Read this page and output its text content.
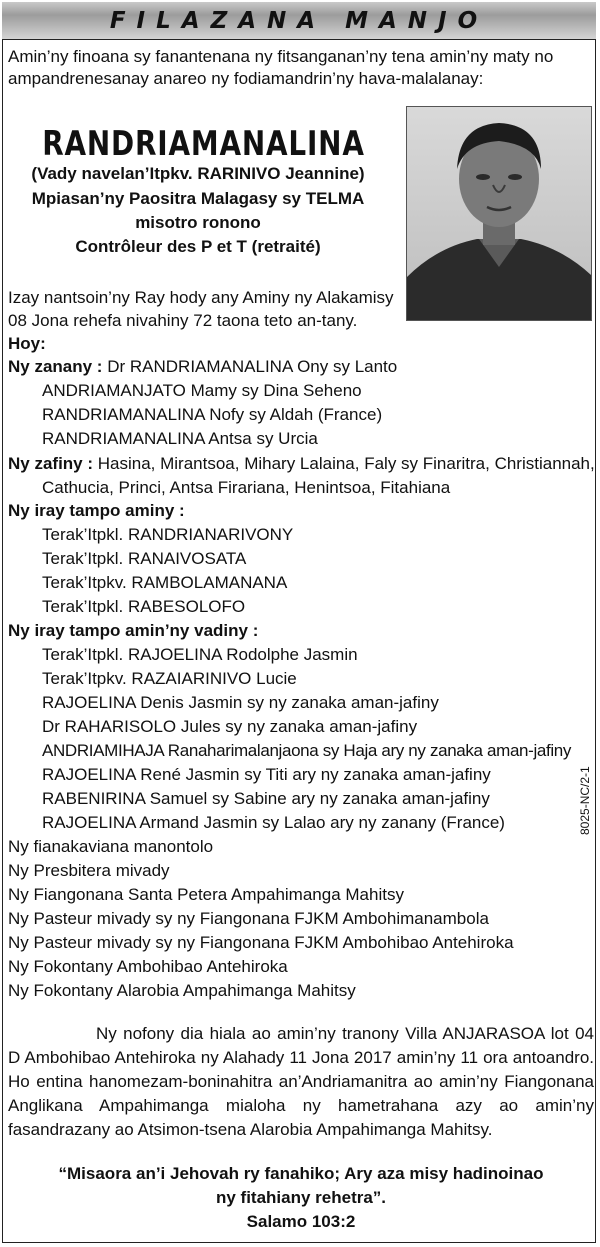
FILAZANA MANJO
Amin’ny finoana sy fanantenana ny fitsanganan’ny tena amin’ny maty no ampandrenesanay anareo ny fodiamandrin’ny hava-malalanay:
RANDRIAMANALINA
(Vady navelan’Itpkv. RARINIVO Jeannine)
Mpiasan’ny Paositra Malagasy sy TELMA
misotro ronono
Contrôleur des P et T (retraité)
Izay nantsoin’ny Ray hody any Aminy ny Alakamisy
08 Jona rehefa nivahiny 72 taona teto an-tany.
Hoy:
Ny zanany : Dr RANDRIAMANALINA Ony sy Lanto
ANDRIAMANJATO Mamy sy Dina Seheno
RANDRIAMANALINA Nofy sy Aldah (France)
RANDRIAMANALINA Antsa sy Urcia
Ny zafiny : Hasina, Mirantsoa, Mihary Lalaina, Faly sy Finaritra, Christiannah,
Cathucia, Princi, Antsa Firariana, Henintsoa, Fitahiana
Ny iray tampo aminy :
Terak’Itpkl. RANDRIANARIVONY
Terak’Itpkl. RANAIVOSATA
Terak’Itpkv. RAMBOLAMANANA
Terak’Itpkl. RABESOLOFO
Ny iray tampo amin’ny vadiny :
Terak’Itpkl. RAJOELINA Rodolphe Jasmin
Terak’Itpkv. RAZAIARINIVO Lucie
RAJOELINA Denis Jasmin sy ny zanaka aman-jafiny
Dr RAHARISOLO Jules sy ny zanaka aman-jafiny
ANDRIAMIHAJA Ranaharimalanjaona sy Haja ary ny zanaka aman-jafiny
RAJOELINA René Jasmin sy Titi ary ny zanaka aman-jafiny
RABENIRINA Samuel sy Sabine ary ny zanaka aman-jafiny
RAJOELINA Armand Jasmin sy Lalao ary ny zanany (France)
Ny fianakaviana manontolo
Ny Presbitera mivady
Ny Fiangonana Santa Petera Ampahimanga Mahitsy
Ny Pasteur mivady sy ny Fiangonana FJKM Ambohimanambola
Ny Pasteur mivady sy ny Fiangonana FJKM Ambohibao Antehiroka
Ny Fokontany Ambohibao Antehiroka
Ny Fokontany Alarobia Ampahimanga Mahitsy
8025-NC/2-1
Ny nofony dia hiala ao amin’ny tranony Villa ANJARASOA lot 04 D Ambohibao Antehiroka ny Alahady 11 Jona 2017 amin’ny 11 ora antoandro. Ho entina hanomezam-boninahitra an’Andriamanitra ao amin’ny Fiangonana Anglikana Ampahimanga mialoha ny hametrahana azy ao amin’ny fasandrazany ao Atsimon-tsena Alarobia Ampahimanga Mahitsy.
“Misaora an’i Jehovah ry fanahiko; Ary aza misy hadinoinao
ny fitahiany rehetra”.
Salamo 103:2
